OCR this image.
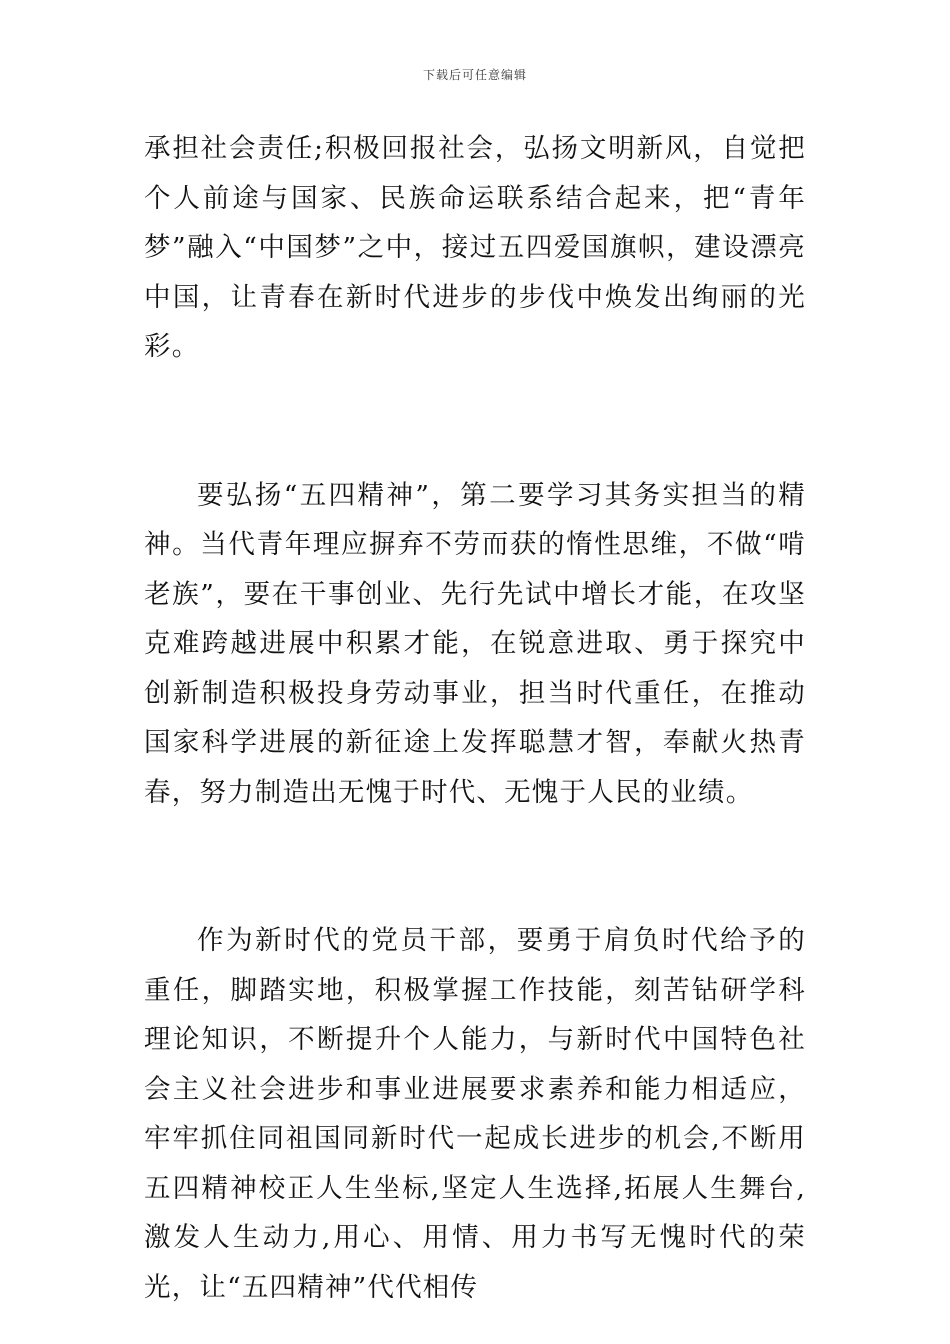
下载后可任意编辑

承担社会责任;积极回报社会，弘扬文明新风，自觉把个人前途与国家、民族命运联系结合起来，把“青年梦”融入“中国梦”之中，接过五四爱国旗帜，建设漂亮中国，让青春在新时代进步的步伐中焕发出绚丽的光彩。

要弘扬“五四精神”，第二要学习其务实担当的精神。当代青年理应摒弃不劳而获的惰性思维，不做“啃老族”，要在干事创业、先行先试中增长才能，在攻坚克难跨越进展中积累才能，在锐意进取、勇于探究中创新制造积极投身劳动事业，担当时代重任，在推动国家科学进展的新征途上发挥聪慧才智，奉献火热青春，努力制造出无愧于时代、无愧于人民的业绩。

作为新时代的党员干部，要勇于肩负时代给予的重任，脚踏实地，积极掌握工作技能，刻苦钻研学科理论知识，不断提升个人能力，与新时代中国特色社会主义社会进步和事业进展要求素养和能力相适应，牢牢抓住同祖国同新时代一起成长进步的机会,不断用五四精神校正人生坐标,坚定人生选择,拓展人生舞台,激发人生动力,用心、用情、用力书写无愧时代的荣光，让“五四精神”代代相传
